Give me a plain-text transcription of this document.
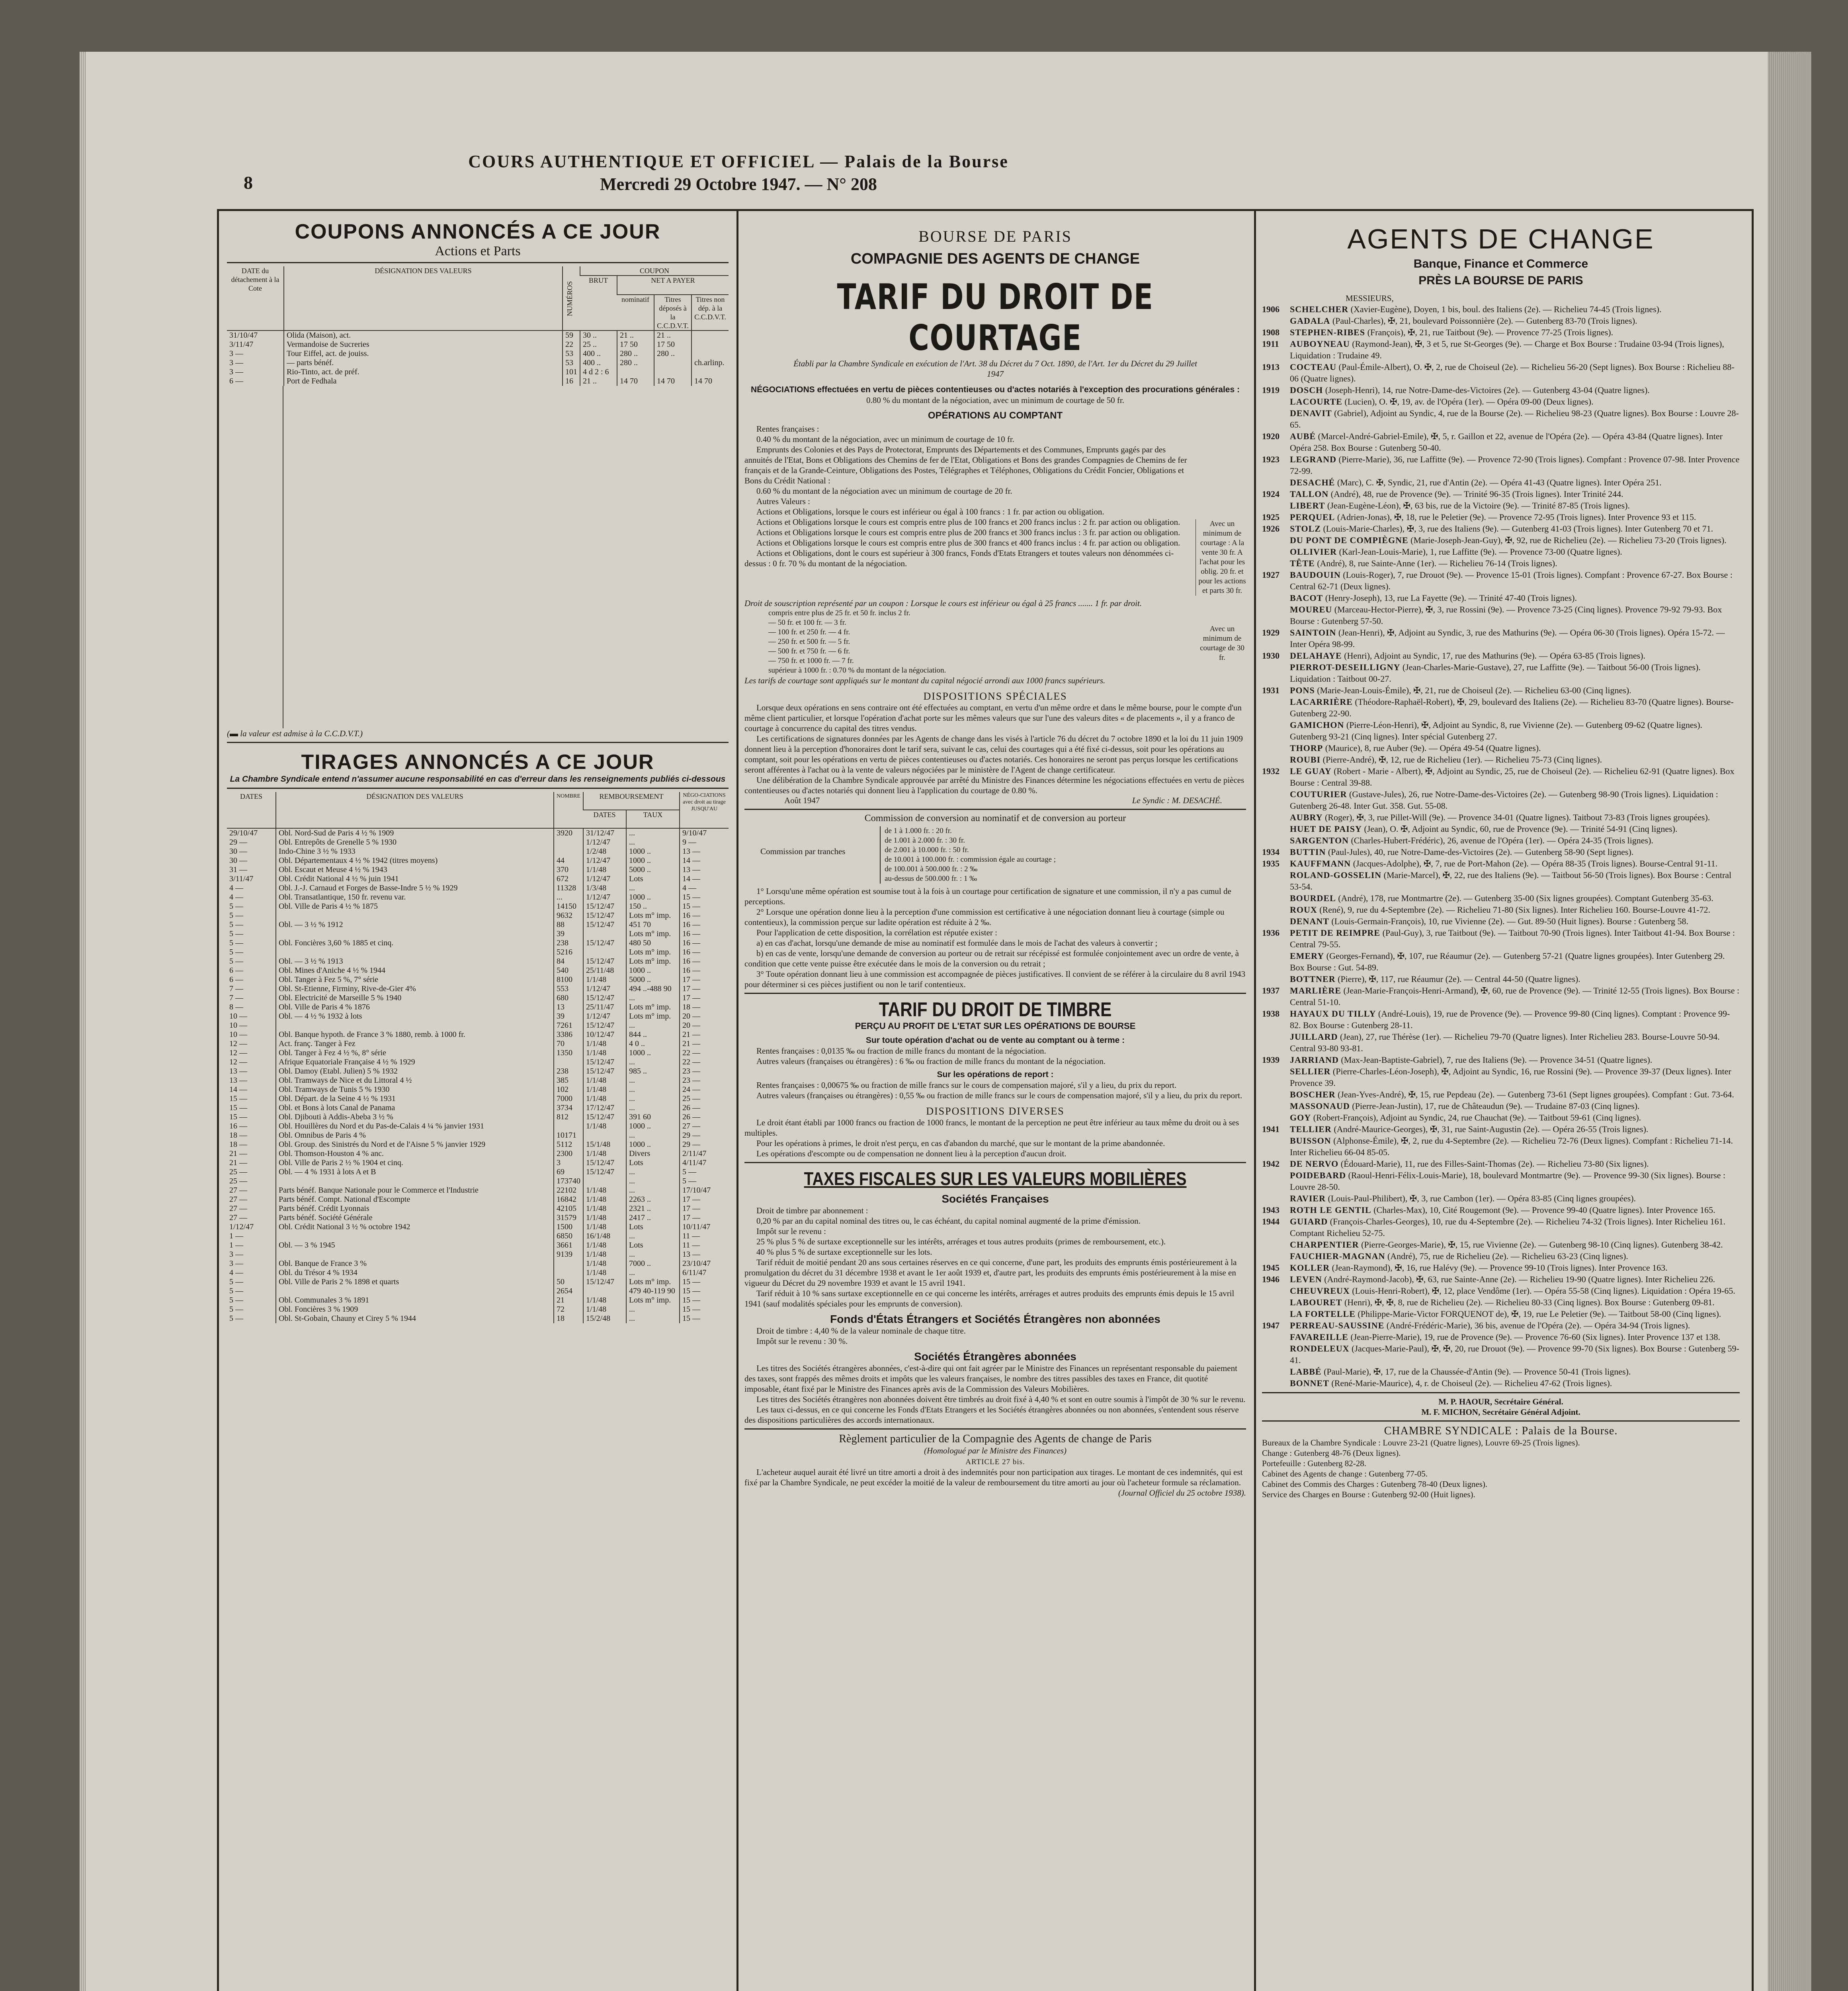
8
COURS AUTHENTIQUE ET OFFICIEL — Palais de la Bourse
Mercredi 29 Octobre 1947. — N° 208
COUPONS ANNONCÉS A CE JOUR
Actions et Parts
DATE du détachement à la Cote	DÉSIGNATION DES VALEURS	NUMÉROS	COUPON			
			BRUT	NET A PAYER		
				nominatif	Titres déposés à la C.C.D.V.T.	Titres non dép. à la C.C.D.V.T.
31/10/47	Olida (Maison), act.	59	30 ..	21 ..	21 ..	
3/11/47	Vermandoise de Sucreries	22	25 ..	17 50	17 50	
3 —	Tour Eiffel, act. de jouiss.	53	400 ..	280 ..	280 ..	
3 —	— parts bénéf.	53	400 ..	280 ..		ch.arlinp.
3 —	Rio-Tinto, act. de préf.	101	4 d 2 : 6			
6 —	Port de Fedhala	16	21 ..	14 70	14 70	14 70
(▬ la valeur est admise à la C.C.D.V.T.)
TIRAGES ANNONCÉS A CE JOUR
La Chambre Syndicale entend n'assumer aucune responsabilité en cas d'erreur dans les renseignements publiés ci-dessous
DATES	DÉSIGNATION DES VALEURS	NOMBRE	REMBOURSEMENT		NÉGO-CIATIONS avec droit au tirage JUSQU'AU
			DATES	TAUX	
29/10/47	Obl. Nord-Sud de Paris 4 ½ % 1909	3920	31/12/47	...	9/10/47
29 —	Obl. Entrepôts de Grenelle 5 % 1930		1/12/47	...	9 —
30 —	Indo-Chine 3 ½ % 1933		1/2/48	1000 ..	13 —
30 —	Obl. Départementaux 4 ½ % 1942 (titres moyens)	44	1/12/47	1000 ..	14 —
31 —	Obl. Escaut et Meuse 4 ½ % 1943	370	1/1/48	5000 ..	13 —
3/11/47	Obl. Crédit National 4 ½ % juin 1941	672	1/12/47	Lots	14 —
4 —	Obl. J.-J. Carnaud et Forges de Basse-Indre 5 ½ % 1929	11328	1/3/48	...	4 —
4 —	Obl. Transatlantique, 150 fr. revenu var.	...	1/12/47	1000 ..	15 —
5 —	Obl. Ville de Paris 4 ½ % 1875	14150	15/12/47	150 ..	15 —
5 —		9632	15/12/47	Lots m° imp.	16 —
5 —	Obl. — 3 ½ % 1912	88	15/12/47	451 70	16 —
5 —		39		Lots m° imp.	16 —
5 —	Obl. Foncières 3,60 % 1885 et cinq.	238	15/12/47	480 50	16 —
5 —		5216		Lots m° imp.	16 —
5 —	Obl. — 3 ½ % 1913	84	15/12/47	Lots m° imp.	16 —
6 —	Obl. Mines d'Aniche 4 ½ % 1944	540	25/11/48	1000 ..	16 —
6 —	Obl. Tanger à Fez 5 %, 7° série	8100	1/1/48	5000 ..	17 —
7 —	Obl. St-Etienne, Firminy, Rive-de-Gier 4%	553	1/12/47	494 ..-488 90	17 —
7 —	Obl. Electricité de Marseille 5 % 1940	680	15/12/47	...	17 —
8 —	Obl. Ville de Paris 4 % 1876	13	25/11/47	Lots m° imp.	18 —
10 —	Obl. — 4 ½ % 1932 à lots	39	1/12/47	Lots m° imp.	20 —
10 —		7261	15/12/47	...	20 —
10 —	Obl. Banque hypoth. de France 3 % 1880, remb. à 1000 fr.	3386	10/12/47	844 ..	21 —
12 —	Act. franç. Tanger à Fez	70	1/1/48	4 0 ..	21 —
12 —	Obl. Tanger à Fez 4 ½ %, 8° série	1350	1/1/48	1000 ..	22 —
12 —	Afrique Equatoriale Française 4 ½ % 1929		15/12/47	...	22 —
13 —	Obl. Damoy (Etabl. Julien) 5 % 1932	238	15/12/47	985 ..	23 —
13 —	Obl. Tramways de Nice et du Littoral 4 ½	385	1/1/48	...	23 —
14 —	Obl. Tramways de Tunis 5 % 1930	102	1/1/48	...	24 —
15 —	Obl. Départ. de la Seine 4 ½ % 1931	7000	1/1/48	...	25 —
15 —	Obl. et Bons à lots Canal de Panama	3734	17/12/47	...	26 —
15 —	Obl. Djibouti à Addis-Abeba 3 ½ %	812	15/12/47	391 60	26 —
16 —	Obl. Houillères du Nord et du Pas-de-Calais 4 ¼ % janvier 1931		1/1/48	1000 ..	27 —
18 —	Obl. Omnibus de Paris 4 %	10171		...	29 —
18 —	Obl. Group. des Sinistrés du Nord et de l'Aisne 5 % janvier 1929	5112	15/1/48	1000 ..	29 —
21 —	Obl. Thomson-Houston 4 % anc.	2300	1/1/48	Divers	2/11/47
21 —	Obl. Ville de Paris 2 ½ % 1904 et cinq.	3	15/12/47	Lots	4/11/47
25 —	Obl. — 4 % 1931 à lots A et B	69	15/12/47	...	5 —
25 —		173740		...	5 —
27 —	Parts bénéf. Banque Nationale pour le Commerce et l'Industrie	22102	1/1/48	...	17/10/47
27 —	Parts bénéf. Compt. National d'Escompte	16842	1/1/48	2263 ..	17 —
27 —	Parts bénéf. Crédit Lyonnais	42105	1/1/48	2321 ..	17 —
27 —	Parts bénéf. Société Générale	31579	1/1/48	2417 ..	17 —
1/12/47	Obl. Crédit National 3 ½ % octobre 1942	1500	1/1/48	Lots	10/11/47
1 —		6850	16/1/48	...	11 —
1 —	Obl. — 3 % 1945	3661	1/1/48	Lots	11 —
3 —		9139	1/1/48	...	13 —
3 —	Obl. Banque de France 3 %		1/1/48	7000 ..	23/10/47
4 —	Obl. du Trésor 4 % 1934		1/1/48	...	6/11/47
5 —	Obl. Ville de Paris 2 % 1898 et quarts	50	15/12/47	Lots m° imp.	15 —
5 —		2654		479 40-119 90	15 —
5 —	Obl. Communales 3 % 1891	21	1/1/48	Lots m° imp.	15 —
5 —	Obl. Foncières 3 % 1909	72	1/1/48	...	15 —
5 —	Obl. St-Gobain, Chauny et Cirey 5 % 1944	18	15/2/48	...	15 —
BOURSE DE PARIS
COMPAGNIE DES AGENTS DE CHANGE
TARIF DU DROIT DE COURTAGE
Établi par la Chambre Syndicale en exécution de l'Art. 38 du Décret du 7 Oct. 1890, de l'Art. 1er du Décret du 29 Juillet 1947
NÉGOCIATIONS effectuées en vertu de pièces contentieuses ou d'actes notariés à l'exception des procurations générales :
0.80 % du montant de la négociation, avec un minimum de courtage de 50 fr.
OPÉRATIONS AU COMPTANT

Rentes françaises :

0.40 % du montant de la négociation, avec un minimum de courtage de 10 fr.

Emprunts des Colonies et des Pays de Protectorat, Emprunts des Départements et des Communes, Emprunts gagés par des annuités de l'Etat, Bons et Obligations des Chemins de fer de l'Etat, Obligations et Bons des grandes Compagnies de Chemins de fer français et de la Grande-Ceinture, Obligations des Postes, Télégraphes et Téléphones, Obligations du Crédit Foncier, Obligations et Bons du Crédit National :

0.60 % du montant de la négociation avec un minimum de courtage de 20 fr.

Autres Valeurs :

Actions et Obligations, lorsque le cours est inférieur ou égal à 100 francs : 1 fr. par action ou obligation.

Actions et Obligations lorsque le cours est compris entre plus de 100 francs et 200 francs inclus : 2 fr. par action ou obligation.

Actions et Obligations lorsque le cours est compris entre plus de 200 francs et 300 francs inclus : 3 fr. par action ou obligation.

Actions et Obligations lorsque le cours est compris entre plus de 300 francs et 400 francs inclus : 4 fr. par action ou obligation.

Actions et Obligations, dont le cours est supérieur à 300 francs, Fonds d'Etats Etrangers et toutes valeurs non dénommées ci-dessus : 0 fr. 70 % du montant de la négociation.

Avec un minimum de courtage : A la vente 30 fr. A l'achat pour les oblig. 20 fr. et pour les actions et parts 30 fr.
Droit de souscription représenté par un coupon : Lorsque le cours est inférieur ou égal à 25 francs ....... 1 fr. par droit.

compris entre plus de 25 fr. et 50 fr. inclus 2 fr.

— 50 fr. et 100 fr. — 3 fr.

— 100 fr. et 250 fr. — 4 fr.

— 250 fr. et 500 fr. — 5 fr.

— 500 fr. et 750 fr. — 6 fr.

— 750 fr. et 1000 fr. — 7 fr.

supérieur à 1000 fr. : 0.70 % du montant de la négociation.

Avec un minimum de courtage de 30 fr.
Les tarifs de courtage sont appliqués sur le montant du capital négocié arrondi aux 1000 francs supérieurs.
DISPOSITIONS SPÉCIALES

Lorsque deux opérations en sens contraire ont été effectuées au comptant, en vertu d'un même ordre et dans le même bourse, pour le compte d'un même client particulier, et lorsque l'opération d'achat porte sur les mêmes valeurs que sur l'une des valeurs dites « de placements », il y a franco de courtage à concurrence du capital des titres vendus.

Les certifications de signatures données par les Agents de change dans les visés à l'article 76 du décret du 7 octobre 1890 et la loi du 11 juin 1909 donnent lieu à la perception d'honoraires dont le tarif sera, suivant le cas, celui des courtages qui a été fixé ci-dessus, soit pour les opérations au comptant, soit pour les opérations en vertu de pièces contentieuses ou d'actes notariés. Ces honoraires ne seront pas perçus lorsque les certifications seront afférentes à l'achat ou à la vente de valeurs négociées par le ministère de l'Agent de change certificateur.

Une délibération de la Chambre Syndicale approuvée par arrêté du Ministre des Finances détermine les négociations effectuées en vertu de pièces contentieuses ou d'actes notariés qui donnent lieu à l'application du courtage de 0.80 %.

Août 1947	Le Syndic : M. DESACHÉ.
Commission de conversion au nominatif et de conversion au porteur
Commission par tranches

de 1 à 1.000 fr. : 20 fr.

de 1.001 à 2.000 fr. : 30 fr.

de 2.001 à 10.000 fr. : 50 fr.

de 10.001 à 100.000 fr. : commission égale au courtage ;

de 100.001 à 500.000 fr. : 2 ‰

au-dessus de 500.000 fr. : 1 ‰

1° Lorsqu'une même opération est soumise tout à la fois à un courtage pour certification de signature et une commission, il n'y a pas cumul de perceptions.

2° Lorsque une opération donne lieu à la perception d'une commission est certificative à une négociation donnant lieu à courtage (simple ou contentieux), la commission perçue sur ladite opération est réduite à 2 ‰.

Pour l'application de cette disposition, la corrélation est réputée exister :

a) en cas d'achat, lorsqu'une demande de mise au nominatif est formulée dans le mois de l'achat des valeurs à convertir ;

b) en cas de vente, lorsqu'une demande de conversion au porteur ou de retrait sur récépissé est formulée conjointement avec un ordre de vente, à condition que cette vente puisse être exécutée dans le mois de la conversion ou du retrait ;

3° Toute opération donnant lieu à une commission est accompagnée de pièces justificatives. Il convient de se référer à la circulaire du 8 avril 1943 pour déterminer si ces pièces justifient ou non le tarif contentieux.

TARIF DU DROIT DE TIMBRE
PERÇU AU PROFIT DE L'ETAT SUR LES OPÉRATIONS DE BOURSE
Sur toute opération d'achat ou de vente au comptant ou à terme :

Rentes françaises : 0,0135 ‰ ou fraction de mille francs du montant de la négociation.

Autres valeurs (françaises ou étrangères) : 6 ‰ ou fraction de mille francs du montant de la négociation.

Sur les opérations de report :

Rentes françaises : 0,00675 ‰ ou fraction de mille francs sur le cours de compensation majoré, s'il y a lieu, du prix du report.

Autres valeurs (françaises ou étrangères) : 0,55 ‰ ou fraction de mille francs sur le cours de compensation majoré, s'il y a lieu, du prix du report.

DISPOSITIONS DIVERSES

Le droit étant établi par 1000 francs ou fraction de 1000 francs, le montant de la perception ne peut être inférieur au taux même du droit ou à ses multiples.

Pour les opérations à primes, le droit n'est perçu, en cas d'abandon du marché, que sur le montant de la prime abandonnée.

Les opérations d'escompte ou de compensation ne donnent lieu à la perception d'aucun droit.

TAXES FISCALES SUR LES VALEURS MOBILIÈRES
Sociétés Françaises

Droit de timbre par abonnement :

0,20 % par an du capital nominal des titres ou, le cas échéant, du capital nominal augmenté de la prime d'émission.

Impôt sur le revenu :

25 % plus 5 % de surtaxe exceptionnelle sur les intérêts, arrérages et tous autres produits (primes de remboursement, etc.).

40 % plus 5 % de surtaxe exceptionnelle sur les lots.

Tarif réduit de moitié pendant 20 ans sous certaines réserves en ce qui concerne, d'une part, les produits des emprunts émis postérieurement à la promulgation du décret du 31 décembre 1938 et avant le 1er août 1939 et, d'autre part, les produits des emprunts émis postérieurement à la mise en vigueur du Décret du 29 novembre 1939 et avant le 15 avril 1941.

Tarif réduit à 10 % sans surtaxe exceptionnelle en ce qui concerne les intérêts, arrérages et autres produits des emprunts émis depuis le 15 avril 1941 (sauf modalités spéciales pour les emprunts de conversion).

Fonds d'États Étrangers et Sociétés Étrangères non abonnées

Droit de timbre : 4,40 % de la valeur nominale de chaque titre.

Impôt sur le revenu : 30 %.

Sociétés Étrangères abonnées

Les titres des Sociétés étrangères abonnées, c'est-à-dire qui ont fait agréer par le Ministre des Finances un représentant responsable du paiement des taxes, sont frappés des mêmes droits et impôts que les valeurs françaises, le nombre des titres passibles des taxes en France, dit quotité imposable, étant fixé par le Ministre des Finances après avis de la Commission des Valeurs Mobilières.

Les titres des Sociétés étrangères non abonnées doivent être timbrés au droit fixé à 4,40 % et sont en outre soumis à l'impôt de 30 % sur le revenu.

Les taux ci-dessus, en ce qui concerne les Fonds d'Etats Etrangers et les Sociétés étrangères abonnées ou non abonnées, s'entendent sous réserve des dispositions particulières des accords internationaux.

Règlement particulier de la Compagnie des Agents de change de Paris
(Homologué par le Ministre des Finances)
ARTICLE 27 bis.
L'acheteur auquel aurait été livré un titre amorti a droit à des indemnités pour non participation aux tirages. Le montant de ces indemnités, qui est fixé par la Chambre Syndicale, ne peut excéder la moitié de la valeur de remboursement du titre amorti au jour où l'acheteur formule sa réclamation.
(Journal Officiel du 25 octobre 1938).
AGENTS DE CHANGE
Banque, Finance et Commerce
PRÈS LA BOURSE DE PARIS
MESSIEURS,
1906	SCHELCHER (Xavier-Eugène), Doyen, 1 bis, boul. des Italiens (2e). — Richelieu 74-45 (Trois lignes).
GADALA (Paul-Charles), ✠, 21, boulevard Poissonnière (2e). — Gutenberg 83-70 (Trois lignes).
1908	STEPHEN-RIBES (François), ✠, 21, rue Taitbout (9e). — Provence 77-25 (Trois lignes).
1911	AUBOYNEAU (Raymond-Jean), ✠, 3 et 5, rue St-Georges (9e). — Charge et Box Bourse : Trudaine 03-94 (Trois lignes), Liquidation : Trudaine 49.
1913	COCTEAU (Paul-Émile-Albert), O. ✠, 2, rue de Choiseul (2e). — Richelieu 56-20 (Sept lignes). Box Bourse : Richelieu 88-06 (Quatre lignes).
1919	DOSCH (Joseph-Henri), 14, rue Notre-Dame-des-Victoires (2e). — Gutenberg 43-04 (Quatre lignes).
LACOURTE (Lucien), O. ✠, 19, av. de l'Opéra (1er). — Opéra 09-00 (Deux lignes).
DENAVIT (Gabriel), Adjoint au Syndic, 4, rue de la Bourse (2e). — Richelieu 98-23 (Quatre lignes). Box Bourse : Louvre 28-65.
1920	AUBÉ (Marcel-André-Gabriel-Emile), ✠, 5, r. Gaillon et 22, avenue de l'Opéra (2e). — Opéra 43-84 (Quatre lignes). Inter Opéra 258. Box Bourse : Gutenberg 50-40.
1923	LEGRAND (Pierre-Marie), 36, rue Laffitte (9e). — Provence 72-90 (Trois lignes). Compfant : Provence 07-98. Inter Provence 72-99.
DESACHÉ (Marc), C. ✠, Syndic, 21, rue d'Antin (2e). — Opéra 41-43 (Quatre lignes). Inter Opéra 251.
1924	TALLON (André), 48, rue de Provence (9e). — Trinité 96-35 (Trois lignes). Inter Trinité 244.
LIBERT (Jean-Eugène-Léon), ✠, 63 bis, rue de la Victoire (9e). — Trinité 87-85 (Trois lignes).
1925	PERQUEL (Adrien-Jonas), ✠, 18, rue le Peletier (9e). — Provence 72-95 (Trois lignes). Inter Provence 93 et 115.
1926	STOLZ (Louis-Marie-Charles), ✠, 3, rue des Italiens (9e). — Gutenberg 41-03 (Trois lignes). Inter Gutenberg 70 et 71.
DU PONT DE COMPIÈGNE (Marie-Joseph-Jean-Guy), ✠, 92, rue de Richelieu (2e). — Richelieu 73-20 (Trois lignes).
OLLIVIER (Karl-Jean-Louis-Marie), 1, rue Laffitte (9e). — Provence 73-00 (Quatre lignes).
TÊTE (André), 8, rue Sainte-Anne (1er). — Richelieu 76-14 (Trois lignes).
1927	BAUDOUIN (Louis-Roger), 7, rue Drouot (9e). — Provence 15-01 (Trois lignes). Compfant : Provence 67-27. Box Bourse : Central 62-71 (Deux lignes).
BACOT (Henry-Joseph), 13, rue La Fayette (9e). — Trinité 47-40 (Trois lignes).
MOUREU (Marceau-Hector-Pierre), ✠, 3, rue Rossini (9e). — Provence 73-25 (Cinq lignes). Provence 79-92 79-93. Box Bourse : Gutenberg 57-50.
1929	SAINTOIN (Jean-Henri), ✠, Adjoint au Syndic, 3, rue des Mathurins (9e). — Opéra 06-30 (Trois lignes). Opéra 15-72. — Inter Opéra 98-99.
1930	DELAHAYE (Henri), Adjoint au Syndic, 17, rue des Mathurins (9e). — Opéra 63-85 (Trois lignes).
PIERROT-DESEILLIGNY (Jean-Charles-Marie-Gustave), 27, rue Laffitte (9e). — Taitbout 56-00 (Trois lignes). Liquidation : Taitbout 00-27.
1931	PONS (Marie-Jean-Louis-Émile), ✠, 21, rue de Choiseul (2e). — Richelieu 63-00 (Cinq lignes).
LACARRIÈRE (Théodore-Raphaël-Robert), ✠, 29, boulevard des Italiens (2e). — Richelieu 83-70 (Quatre lignes). Bourse-Gutenberg 22-90.
GAMICHON (Pierre-Léon-Henri), ✠, Adjoint au Syndic, 8, rue Vivienne (2e). — Gutenberg 09-62 (Quatre lignes). Gutenberg 93-21 (Cinq lignes). Inter spécial Gutenberg 27.
THORP (Maurice), 8, rue Auber (9e). — Opéra 49-54 (Quatre lignes).
ROUBI (Pierre-André), ✠, 12, rue de Richelieu (1er). — Richelieu 75-73 (Cinq lignes).
1932	LE GUAY (Robert - Marie - Albert), ✠, Adjoint au Syndic, 25, rue de Choiseul (2e). — Richelieu 62-91 (Quatre lignes). Box Bourse : Central 39-88.
COUTURIER (Gustave-Jules), 26, rue Notre-Dame-des-Victoires (2e). — Gutenberg 98-90 (Trois lignes). Liquidation : Gutenberg 26-48. Inter Gut. 358. Gut. 55-08.
AUBRY (Roger), ✠, 3, rue Pillet-Will (9e). — Provence 34-01 (Quatre lignes). Taitbout 73-83 (Trois lignes groupées).
HUET DE PAISY (Jean), O. ✠, Adjoint au Syndic, 60, rue de Provence (9e). — Trinité 54-91 (Cinq lignes).
SARGENTON (Charles-Hubert-Frédéric), 26, avenue de l'Opéra (1er). — Opéra 24-35 (Trois lignes).
1934	BUTTIN (Paul-Jules), 40, rue Notre-Dame-des-Victoires (2e). — Gutenberg 58-90 (Sept lignes).
1935	KAUFFMANN (Jacques-Adolphe), ✠, 7, rue de Port-Mahon (2e). — Opéra 88-35 (Trois lignes). Bourse-Central 91-11.
ROLAND-GOSSELIN (Marie-Marcel), ✠, 22, rue des Italiens (9e). — Taitbout 56-50 (Trois lignes). Box Bourse : Central 53-54.
BOURDEL (André), 178, rue Montmartre (2e). — Gutenberg 35-00 (Six lignes groupées). Comptant Gutenberg 35-63.
ROUX (René), 9, rue du 4-Septembre (2e). — Richelieu 71-80 (Six lignes). Inter Richelieu 160. Bourse-Louvre 41-72.
DENANT (Louis-Germain-François), 10, rue Vivienne (2e). — Gut. 89-50 (Huit lignes). Bourse : Gutenberg 58.
1936	PETIT DE REIMPRE (Paul-Guy), 3, rue Taitbout (9e). — Taitbout 70-90 (Trois lignes). Inter Taitbout 41-94. Box Bourse : Central 79-55.
EMERY (Georges-Fernand), ✠, 107, rue Réaumur (2e). — Gutenberg 57-21 (Quatre lignes groupées). Inter Gutenberg 29. Box Bourse : Gut. 54-89.
BOTTNER (Pierre), ✠, 117, rue Réaumur (2e). — Central 44-50 (Quatre lignes).
1937	MARLIÈRE (Jean-Marie-François-Henri-Armand), ✠, 60, rue de Provence (9e). — Trinité 12-55 (Trois lignes). Box Bourse : Central 51-10.
1938	HAYAUX DU TILLY (André-Louis), 19, rue de Provence (9e). — Provence 99-80 (Cinq lignes). Comptant : Provence 99-82. Box Bourse : Gutenberg 28-11.
JUILLARD (Jean), 27, rue Thérèse (1er). — Richelieu 79-70 (Quatre lignes). Inter Richelieu 283. Bourse-Louvre 50-94. Central 93-80 93-81.
1939	JARRIAND (Max-Jean-Baptiste-Gabriel), 7, rue des Italiens (9e). — Provence 34-51 (Quatre lignes).
SELLIER (Pierre-Charles-Léon-Joseph), ✠, Adjoint au Syndic, 16, rue Rossini (9e). — Provence 39-37 (Deux lignes). Inter Provence 39.
BOSCHER (Jean-Yves-André), ✠, 15, rue Pepdeau (2e). — Gutenberg 73-61 (Sept lignes groupées). Compfant : Gut. 73-64.
MASSONAUD (Pierre-Jean-Justin), 17, rue de Châteaudun (9e). — Trudaine 87-03 (Cinq lignes).
GOY (Robert-François), Adjoint au Syndic, 24, rue Chauchat (9e). — Taitbout 59-61 (Cinq lignes).
1941	TELLIER (André-Maurice-Georges), ✠, 31, rue Saint-Augustin (2e). — Opéra 26-55 (Trois lignes).
BUISSON (Alphonse-Émile), ✠, 2, rue du 4-Septembre (2e). — Richelieu 72-76 (Deux lignes). Compfant : Richelieu 71-14. Inter Richelieu 66-04 85-05.
1942	DE NERVO (Édouard-Marie), 11, rue des Filles-Saint-Thomas (2e). — Richelieu 73-80 (Six lignes).
POIDEBARD (Raoul-Henri-Félix-Louis-Marie), 18, boulevard Montmartre (9e). — Provence 99-30 (Six lignes). Bourse : Louvre 28-50.
RAVIER (Louis-Paul-Philibert), ✠, 3, rue Cambon (1er). — Opéra 83-85 (Cinq lignes groupées).
1943	ROTH LE GENTIL (Charles-Max), 10, Cité Rougemont (9e). — Provence 99-40 (Quatre lignes). Inter Provence 165.
1944	GUIARD (François-Charles-Georges), 10, rue du 4-Septembre (2e). — Richelieu 74-32 (Trois lignes). Inter Richelieu 161. Comptant Richelieu 52-75.
CHARPENTIER (Pierre-Georges-Marie), ✠, 15, rue Vivienne (2e). — Gutenberg 98-10 (Cinq lignes). Gutenberg 38-42.
FAUCHIER-MAGNAN (André), 75, rue de Richelieu (2e). — Richelieu 63-23 (Cinq lignes).
1945	KOLLER (Jean-Raymond), ✠, 16, rue Halévy (9e). — Provence 99-10 (Trois lignes). Inter Provence 163.
1946	LEVEN (André-Raymond-Jacob), ✠, 63, rue Sainte-Anne (2e). — Richelieu 19-90 (Quatre lignes). Inter Richelieu 226.
CHEUVREUX (Louis-Henri-Robert), ✠, 12, place Vendôme (1er). — Opéra 55-58 (Cinq lignes). Liquidation : Opéra 19-65.
LABOURET (Henri), ✠, ✠, 8, rue de Richelieu (2e). — Richelieu 80-33 (Cinq lignes). Box Bourse : Gutenberg 09-81.
LA FORTELLE (Philippe-Marie-Victor FORQUENOT de), ✠, 19, rue Le Peletier (9e). — Taitbout 58-00 (Cinq lignes).
1947	PERREAU-SAUSSINE (André-Frédéric-Marie), 36 bis, avenue de l'Opéra (2e). — Opéra 34-94 (Trois lignes).
FAVAREILLE (Jean-Pierre-Marie), 19, rue de Provence (9e). — Provence 76-60 (Six lignes). Inter Provence 137 et 138.
RONDELEUX (Jacques-Marie-Paul), ✠, ✠, 20, rue Drouot (9e). — Provence 99-70 (Six lignes). Box Bourse : Gutenberg 59-41.
LABBÉ (Paul-Marie), ✠, 17, rue de la Chaussée-d'Antin (9e). — Provence 50-41 (Trois lignes).
BONNET (René-Marie-Maurice), 4, r. de Choiseul (2e). — Richelieu 47-62 (Trois lignes).
M. P. HAOUR, Secrétaire Général.
M. F. MICHON, Secrétaire Général Adjoint.
CHAMBRE SYNDICALE : Palais de la Bourse.

Bureaux de la Chambre Syndicale : Louvre 23-21 (Quatre lignes), Louvre 69-25 (Trois lignes).

Change : Gutenberg 48-76 (Deux lignes).

Portefeuille : Gutenberg 82-28.

Cabinet des Agents de change : Gutenberg 77-05.

Cabinet des Commis des Charges : Gutenberg 78-40 (Deux lignes).

Service des Charges en Bourse : Gutenberg 92-00 (Huit lignes).
